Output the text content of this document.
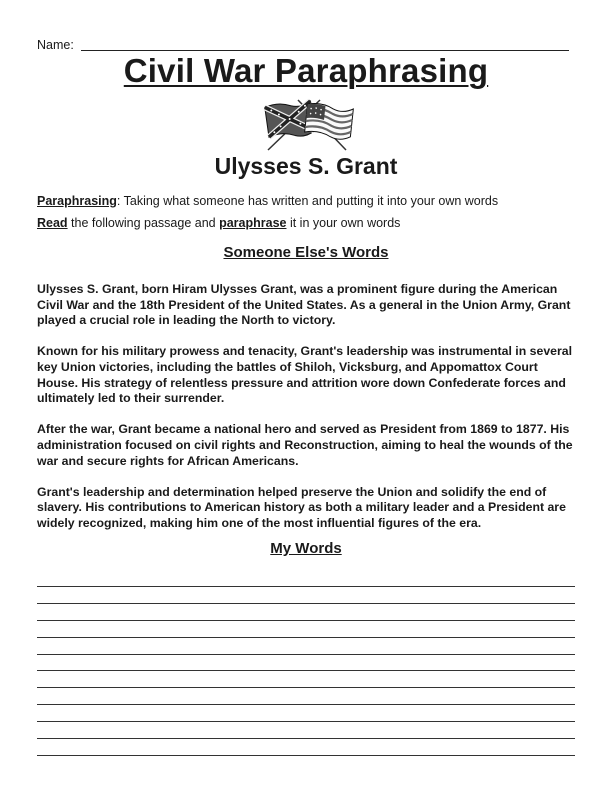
Name:
Civil War Paraphrasing
Ulysses S. Grant
Paraphrasing: Taking what someone has written and putting it into your own words
Read the following passage and paraphrase it in your own words
Someone Else's Words

Ulysses S. Grant, born Hiram Ulysses Grant, was a prominent figure during the American Civil War and the 18th President of the United States. As a general in the Union Army, Grant played a crucial role in leading the North to victory.

Known for his military prowess and tenacity, Grant's leadership was instrumental in several key Union victories, including the battles of Shiloh, Vicksburg, and Appomattox Court House. His strategy of relentless pressure and attrition wore down Confederate forces and ultimately led to their surrender.

After the war, Grant became a national hero and served as President from 1869 to 1877. His administration focused on civil rights and Reconstruction, aiming to heal the wounds of the war and secure rights for African Americans.

Grant's leadership and determination helped preserve the Union and solidify the end of slavery. His contributions to American history as both a military leader and a President are widely recognized, making him one of the most influential figures of the era.

My Words
